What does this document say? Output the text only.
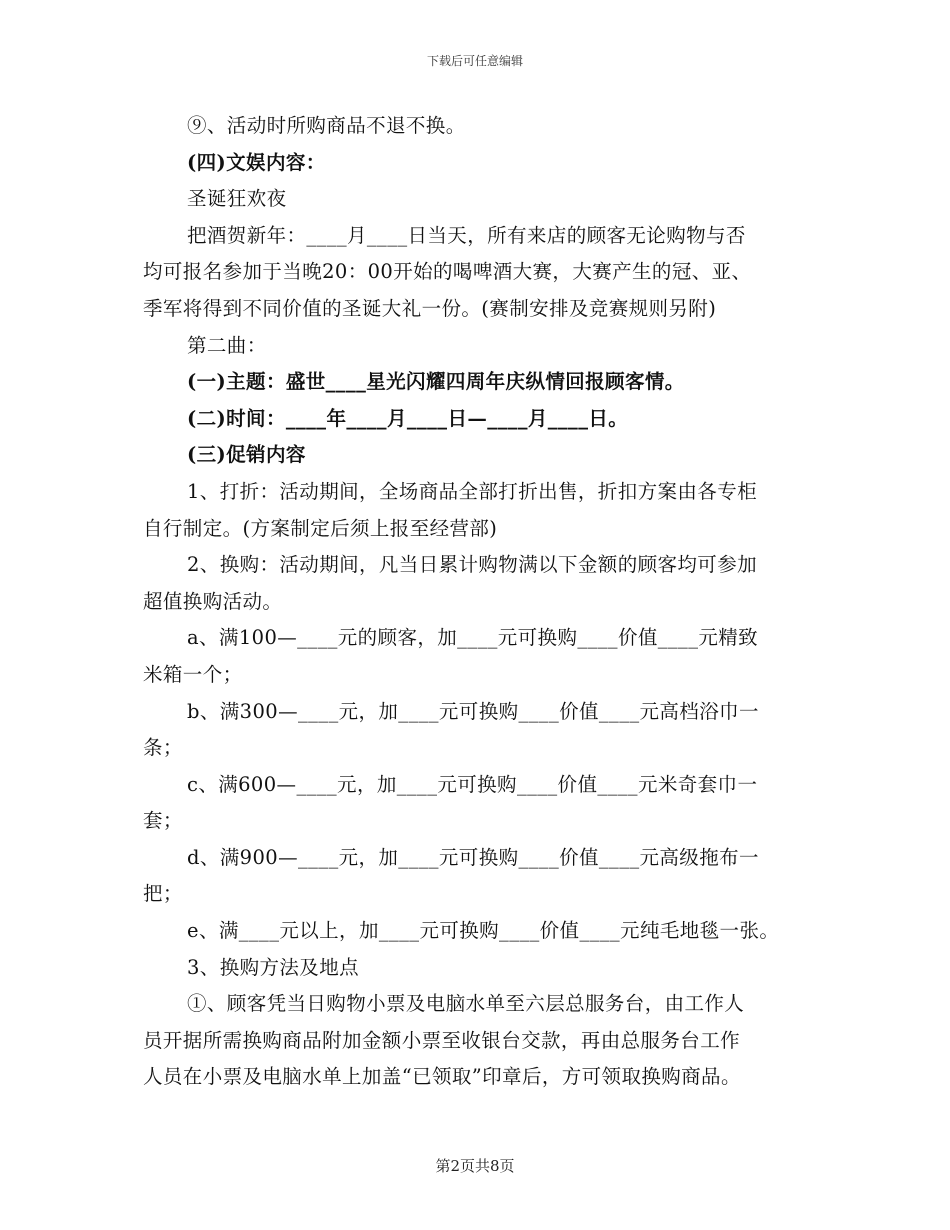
下载后可任意编辑
⑨、活动时所购商品不退不换。
(四)文娱内容：
圣诞狂欢夜
把酒贺新年：____月____日当天，所有来店的顾客无论购物与否
均可报名参加于当晚20：00开始的喝啤酒大赛，大赛产生的冠、亚、
季军将得到不同价值的圣诞大礼一份。(赛制安排及竞赛规则另附)
第二曲：
(一)主题：盛世____星光闪耀四周年庆纵情回报顾客情。
(二)时间：____年____月____日—____月____日。
(三)促销内容
1、打折：活动期间，全场商品全部打折出售，折扣方案由各专柜
自行制定。(方案制定后须上报至经营部)
2、换购：活动期间，凡当日累计购物满以下金额的顾客均可参加
超值换购活动。
a、满100—____元的顾客，加____元可换购____价值____元精致
米箱一个；
b、满300—____元，加____元可换购____价值____元高档浴巾一
条；
c、满600—____元，加____元可换购____价值____元米奇套巾一
套；
d、满900—____元，加____元可换购____价值____元高级拖布一
把；
e、满____元以上，加____元可换购____价值____元纯毛地毯一张。
3、换购方法及地点
①、顾客凭当日购物小票及电脑水单至六层总服务台，由工作人
员开据所需换购商品附加金额小票至收银台交款，再由总服务台工作
人员在小票及电脑水单上加盖“已领取”印章后，方可领取换购商品。
第2页共8页
